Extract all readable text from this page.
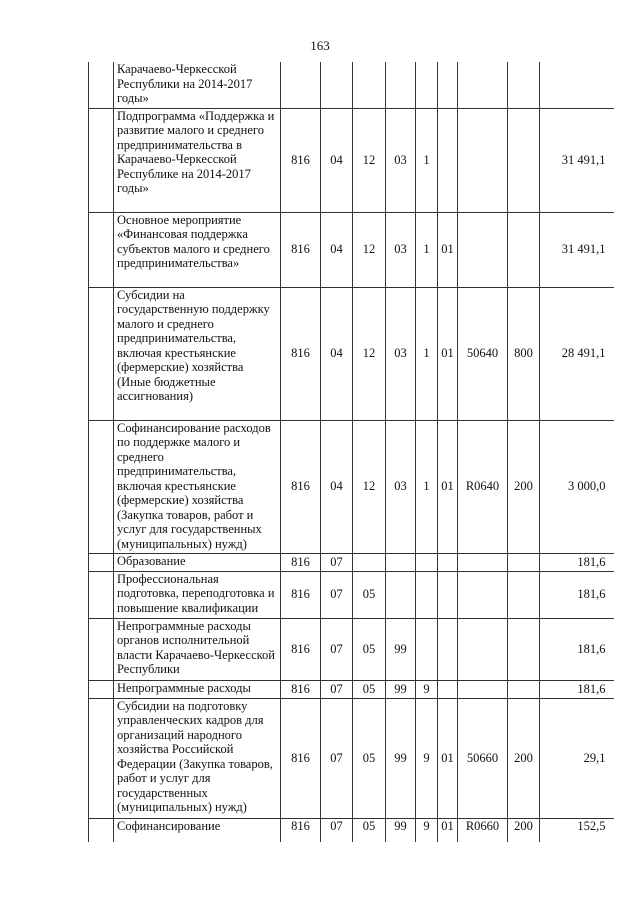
163
	Карачаево-Черкесской Республики на 2014-2017 годы»									
	Подпрограмма «Поддержка и развитие малого и среднего предпринимательства в Карачаево-Черкесской Республике на 2014-2017 годы»	816	04	12	03	1				31 491,1
	Основное мероприятие «Финансовая поддержка субъектов малого и среднего предпринимательства»	816	04	12	03	1	01			31 491,1
	Субсидии на государственную поддержку малого и среднего предпринимательства, включая крестьянские (фермерские) хозяйства (Иные бюджетные ассигнования)	816	04	12	03	1	01	50640	800	28 491,1
	Софинансирование расходов по поддержке малого и среднего предпринимательства, включая крестьянские (фермерские) хозяйства (Закупка товаров, работ и услуг для государственных (муниципальных) нужд)	816	04	12	03	1	01	R0640	200	3 000,0
	Образование	816	07							181,6
	Профессиональная подготовка, переподготовка и повышение квалификации	816	07	05						181,6
	Непрограммные расходы органов исполнительной власти Карачаево-Черкесской Республики	816	07	05	99					181,6
	Непрограммные расходы	816	07	05	99	9				181,6
	Субсидии на подготовку управленческих кадров для организаций народного хозяйства Российской Федерации (Закупка товаров, работ и услуг для государственных (муниципальных) нужд)	816	07	05	99	9	01	50660	200	29,1
	Софинансирование	816	07	05	99	9	01	R0660	200	152,5
